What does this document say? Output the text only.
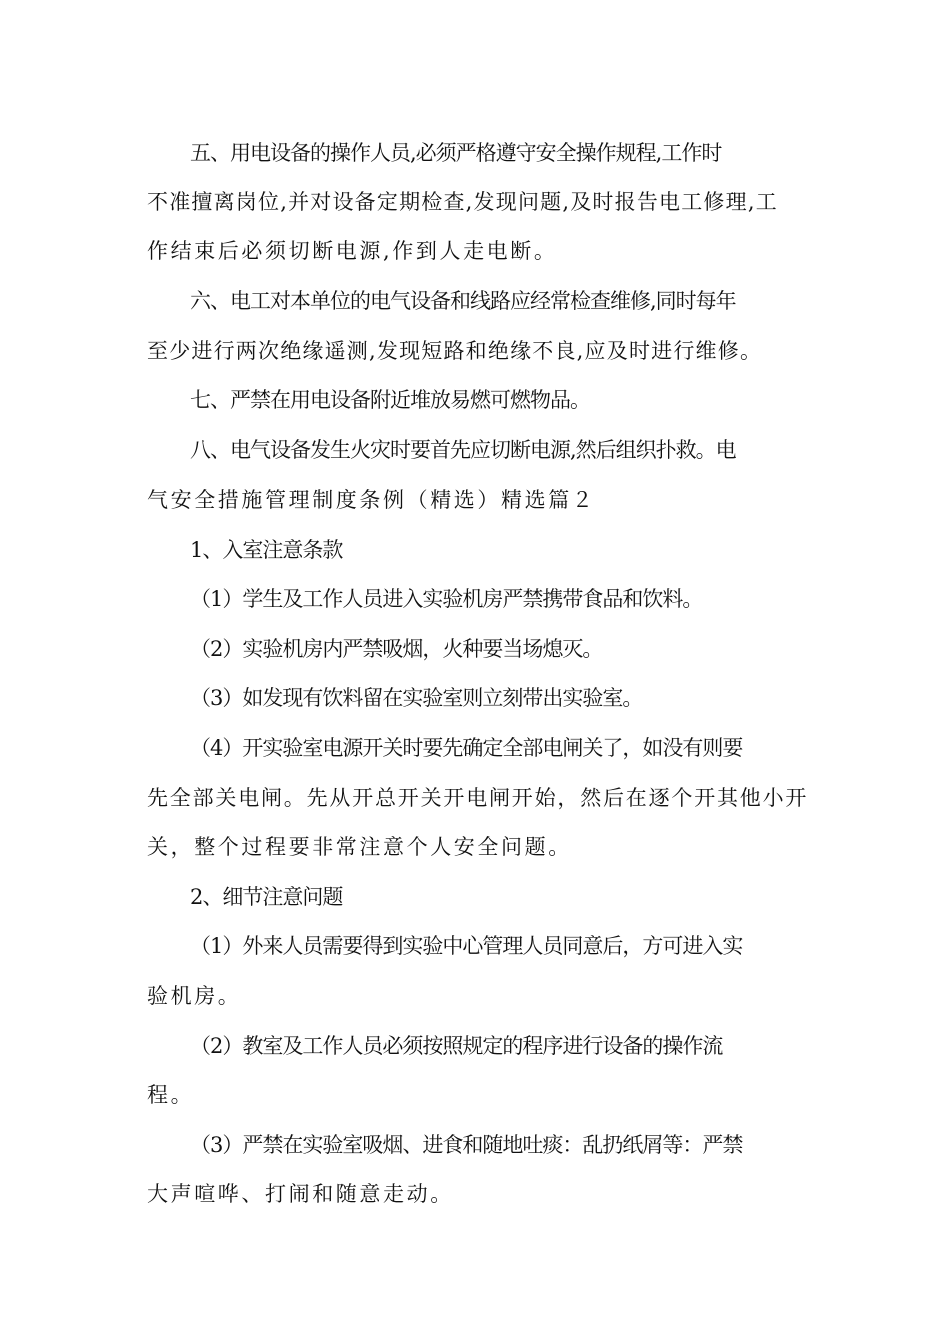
五、用电设备的操作人员,必须严格遵守安全操作规程,工作时
不准擅离岗位,并对设备定期检查,发现问题,及时报告电工修理,工
作结束后必须切断电源,作到人走电断。
六、电工对本单位的电气设备和线路应经常检查维修,同时每年
至少进行两次绝缘遥测,发现短路和绝缘不良,应及时进行维修。
七、严禁在用电设备附近堆放易燃可燃物品。
八、电气设备发生火灾时要首先应切断电源,然后组织扑救。电
气安全措施管理制度条例（精选）精选篇２
1、入室注意条款
（1）学生及工作人员进入实验机房严禁携带食品和饮料。
（2）实验机房内严禁吸烟，火种要当场熄灭。
（3）如发现有饮料留在实验室则立刻带出实验室。
（4）开实验室电源开关时要先确定全部电闸关了，如没有则要
先全部关电闸。先从开总开关开电闸开始，然后在逐个开其他小开
关，整个过程要非常注意个人安全问题。
2、细节注意问题
（1）外来人员需要得到实验中心管理人员同意后，方可进入实
验机房。
（2）教室及工作人员必须按照规定的程序进行设备的操作流
程。
（3）严禁在实验室吸烟、进食和随地吐痰：乱扔纸屑等：严禁
大声喧哗、打闹和随意走动。
